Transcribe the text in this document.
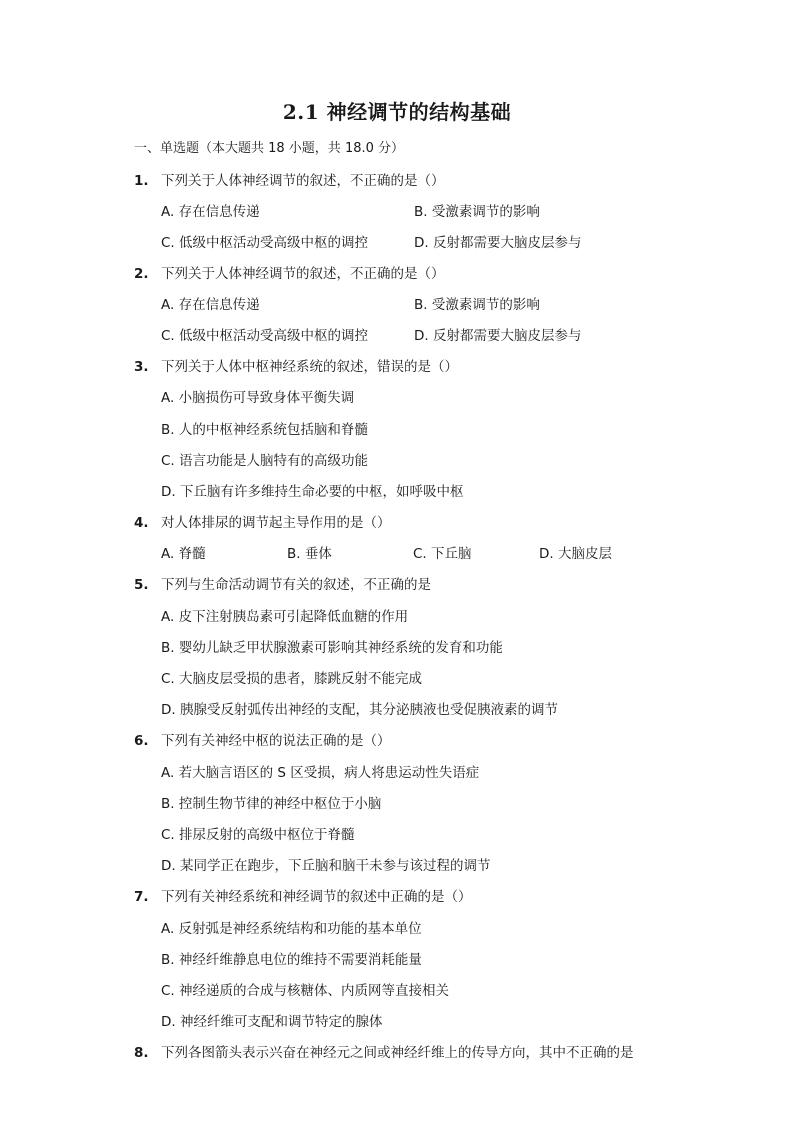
2.1 神经调节的结构基础
一、单选题（本大题共 18 小题，共 18.0 分）
1. 下列关于人体神经调节的叙述，不正确的是（）
A. 存在信息传递	B. 受激素调节的影响
C. 低级中枢活动受高级中枢的调控	D. 反射都需要大脑皮层参与
2. 下列关于人体神经调节的叙述，不正确的是（）
A. 存在信息传递	B. 受激素调节的影响
C. 低级中枢活动受高级中枢的调控	D. 反射都需要大脑皮层参与
3. 下列关于人体中枢神经系统的叙述，错误的是（）
A. 小脑损伤可导致身体平衡失调
B. 人的中枢神经系统包括脑和脊髓
C. 语言功能是人脑特有的高级功能
D. 下丘脑有许多维持生命必要的中枢，如呼吸中枢
4. 对人体排尿的调节起主导作用的是（）
A. 脊髓	B. 垂体	C. 下丘脑	D. 大脑皮层
5. 下列与生命活动调节有关的叙述，不正确的是
A. 皮下注射胰岛素可引起降低血糖的作用
B. 婴幼儿缺乏甲状腺激素可影响其神经系统的发育和功能
C. 大脑皮层受损的患者，膝跳反射不能完成
D. 胰腺受反射弧传出神经的支配，其分泌胰液也受促胰液素的调节
6. 下列有关神经中枢的说法正确的是（）
A. 若大脑言语区的 S 区受损，病人将患运动性失语症
B. 控制生物节律的神经中枢位于小脑
C. 排尿反射的高级中枢位于脊髓
D. 某同学正在跑步，下丘脑和脑干未参与该过程的调节
7. 下列有关神经系统和神经调节的叙述中正确的是（）
A. 反射弧是神经系统结构和功能的基本单位
B. 神经纤维静息电位的维持不需要消耗能量
C. 神经递质的合成与核糖体、内质网等直接相关
D. 神经纤维可支配和调节特定的腺体
8. 下列各图箭头表示兴奋在神经元之间或神经纤维上的传导方向，其中不正确的是
